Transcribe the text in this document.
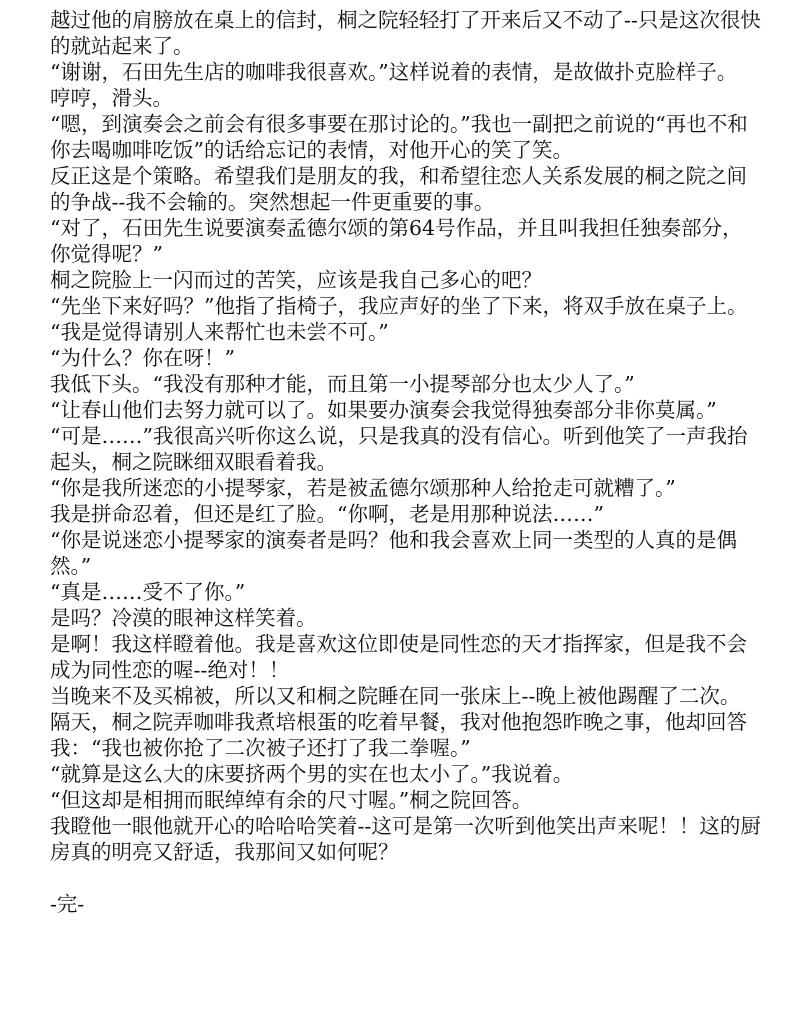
越过他的肩膀放在桌上的信封，桐之院轻轻打了开来后又不动了--只是这次很快的就站起来了。

“谢谢，石田先生店的咖啡我很喜欢。”这样说着的表情，是故做扑克脸样子。

哼哼，滑头。

“嗯，到演奏会之前会有很多事要在那讨论的。”我也一副把之前说的“再也不和你去喝咖啡吃饭”的话给忘记的表情，对他开心的笑了笑。

反正这是个策略。希望我们是朋友的我，和希望往恋人关系发展的桐之院之间的争战--我不会输的。突然想起一件更重要的事。

“对了，石田先生说要演奏孟德尔颂的第64号作品，并且叫我担任独奏部分，你觉得呢？”

桐之院脸上一闪而过的苦笑，应该是我自己多心的吧？

“先坐下来好吗？”他指了指椅子，我应声好的坐了下来，将双手放在桌子上。

“我是觉得请别人来帮忙也未尝不可。”

“为什么？你在呀！”

我低下头。“我没有那种才能，而且第一小提琴部分也太少人了。”

“让春山他们去努力就可以了。如果要办演奏会我觉得独奏部分非你莫属。”

“可是……”我很高兴听你这么说，只是我真的没有信心。听到他笑了一声我抬起头，桐之院眯细双眼看着我。

“你是我所迷恋的小提琴家，若是被孟德尔颂那种人给抢走可就糟了。”

我是拼命忍着，但还是红了脸。“你啊，老是用那种说法……”

“你是说迷恋小提琴家的演奏者是吗？他和我会喜欢上同一类型的人真的是偶然。”

“真是……受不了你。”

是吗？冷漠的眼神这样笑着。

是啊！我这样瞪着他。我是喜欢这位即使是同性恋的天才指挥家，但是我不会成为同性恋的喔--绝对！！

当晚来不及买棉被，所以又和桐之院睡在同一张床上--晚上被他踢醒了二次。

隔天，桐之院弄咖啡我煮培根蛋的吃着早餐，我对他抱怨昨晚之事，他却回答我：“我也被你抢了二次被子还打了我二拳喔。”

“就算是这么大的床要挤两个男的实在也太小了。”我说着。

“但这却是相拥而眠绰绰有余的尺寸喔。”桐之院回答。

我瞪他一眼他就开心的哈哈哈笑着--这可是第一次听到他笑出声来呢！！这的厨房真的明亮又舒适，我那间又如何呢？

-完-
